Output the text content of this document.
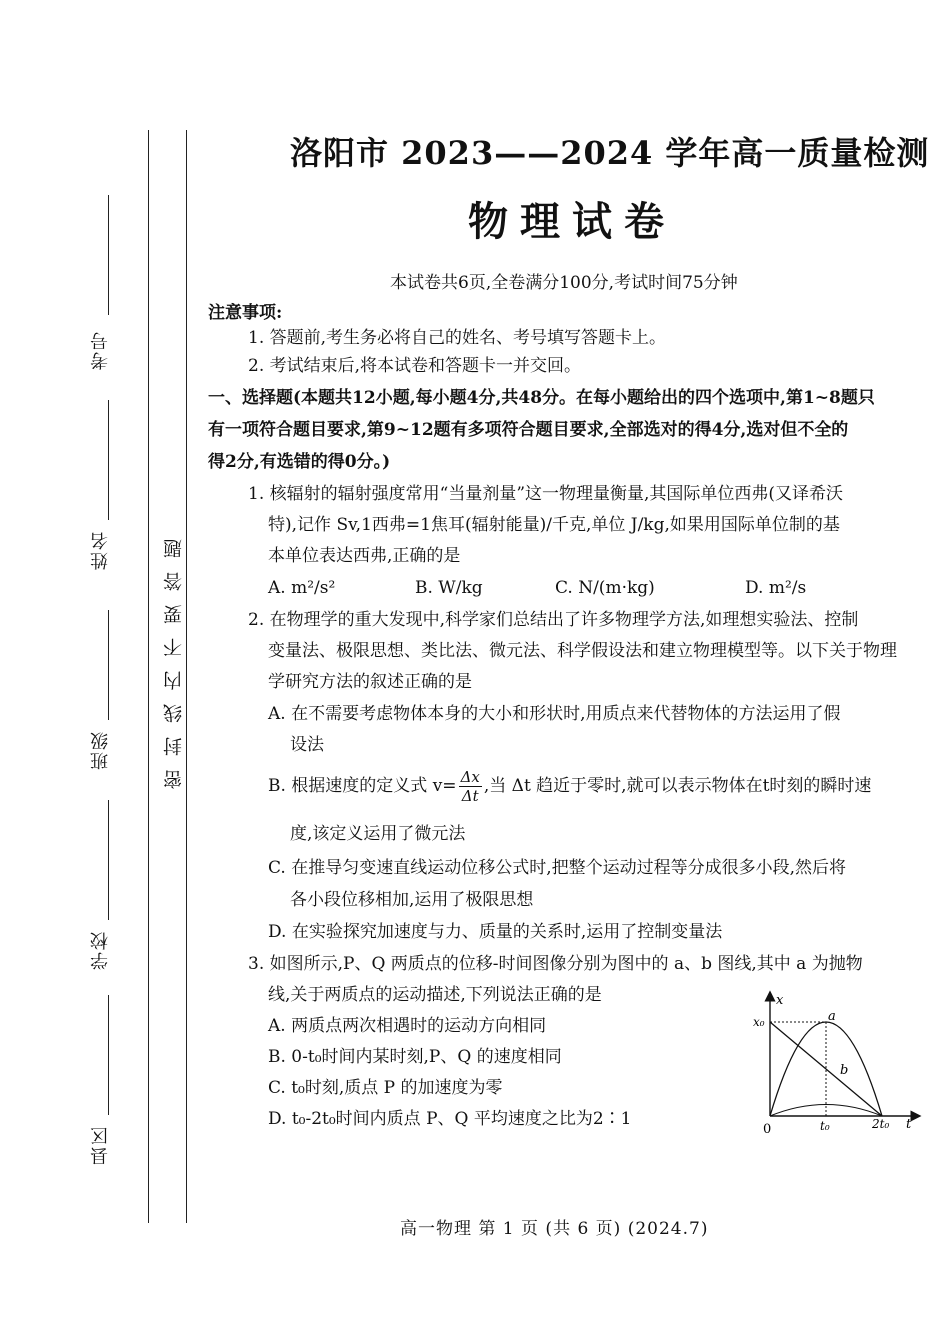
考号
姓名
班级
学校
县区
密封线内不要答题
洛阳市 2023——2024 学年高一质量检测
物理试卷
本试卷共6页,全卷满分100分,考试时间75分钟
注意事项:
1. 答题前,考生务必将自己的姓名、考号填写答题卡上。
2. 考试结束后,将本试卷和答题卡一并交回。
一、选择题(本题共12小题,每小题4分,共48分。在每小题给出的四个选项中,第1~8题只
有一项符合题目要求,第9~12题有多项符合题目要求,全部选对的得4分,选对但不全的
得2分,有选错的得0分。)
1. 核辐射的辐射强度常用“当量剂量”这一物理量衡量,其国际单位西弗(又译希沃
特),记作 Sv,1西弗=1焦耳(辐射能量)/千克,单位 J/kg,如果用国际单位制的基
本单位表达西弗,正确的是
A. m²/s²	B. W/kg	C. N/(m·kg)	D. m²/s
2. 在物理学的重大发现中,科学家们总结出了许多物理学方法,如理想实验法、控制
变量法、极限思想、类比法、微元法、科学假设法和建立物理模型等。以下关于物理
学研究方法的叙述正确的是
A. 在不需要考虑物体本身的大小和形状时,用质点来代替物体的方法运用了假
设法
B. 根据速度的定义式 $v= \frac{\Delta x}{\Delta t}$ ,当 Δt 趋近于零时,就可以表示物体在t时刻的瞬时速
度,该定义运用了微元法
C. 在推导匀变速直线运动位移公式时,把整个运动过程等分成很多小段,然后将
各小段位移相加,运用了极限思想
D. 在实验探究加速度与力、质量的关系时,运用了控制变量法
3. 如图所示,P、Q 两质点的位移-时间图像分别为图中的 a、b 图线,其中 a 为抛物
线,关于两质点的运动描述,下列说法正确的是
A. 两质点两次相遇时的运动方向相同
B. 0-t₀时间内某时刻,P、Q 的速度相同
C. t₀时刻,质点 P 的加速度为零
D. t₀-2t₀时间内质点 P、Q 平均速度之比为2∶1
x
t
0
x₀
t₀	2t₀
a
b
高一物理 第 1 页 (共 6 页) (2024.7)
